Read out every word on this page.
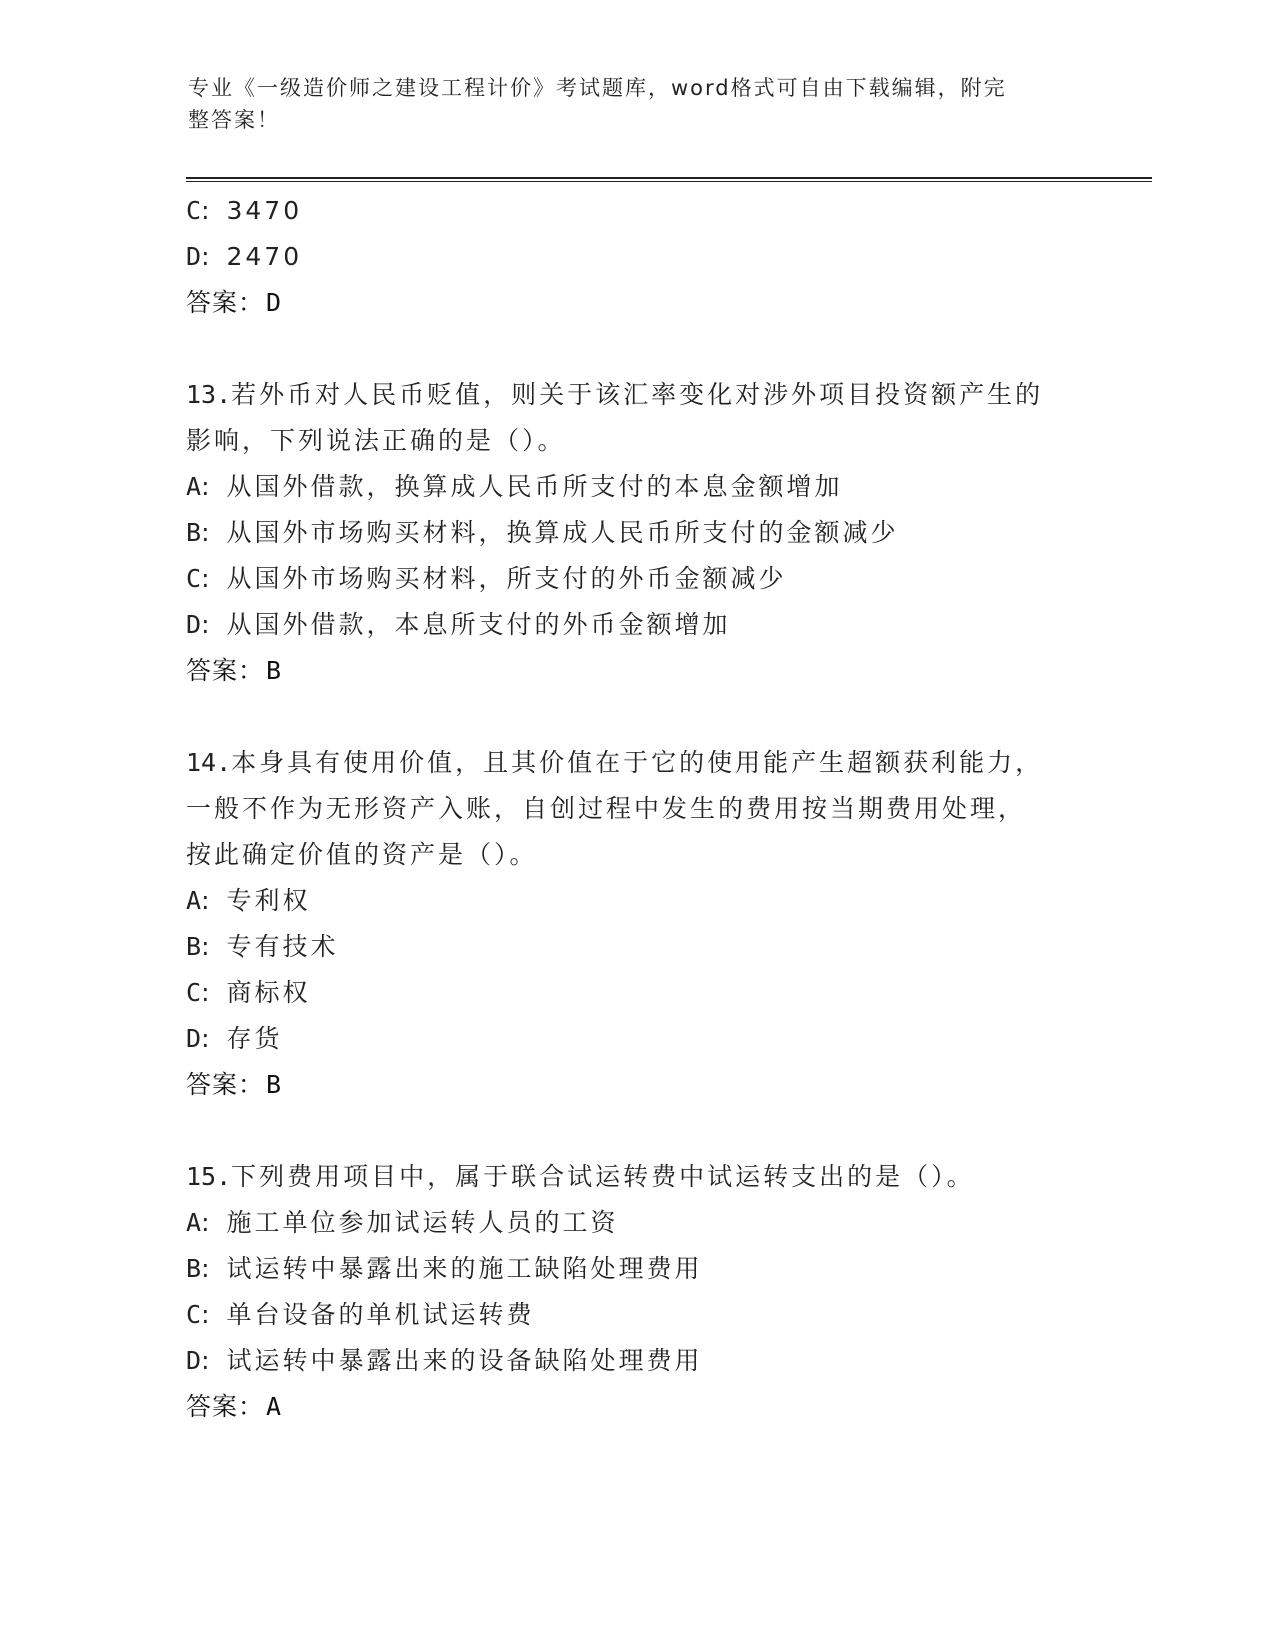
专业《一级造价师之建设工程计价》考试题库，word格式可自由下载编辑，附完
整答案！
C: 3470
D: 2470
答案：D
13.若外币对人民币贬值，则关于该汇率变化对涉外项目投资额产生的
影响，下列说法正确的是（）。
A: 从国外借款，换算成人民币所支付的本息金额增加
B: 从国外市场购买材料，换算成人民币所支付的金额减少
C: 从国外市场购买材料，所支付的外币金额减少
D: 从国外借款，本息所支付的外币金额增加
答案：B
14.本身具有使用价值，且其价值在于它的使用能产生超额获利能力，
一般不作为无形资产入账，自创过程中发生的费用按当期费用处理，
按此确定价值的资产是（）。
A: 专利权
B: 专有技术
C: 商标权
D: 存货
答案：B
15.下列费用项目中，属于联合试运转费中试运转支出的是（）。
A: 施工单位参加试运转人员的工资
B: 试运转中暴露出来的施工缺陷处理费用
C: 单台设备的单机试运转费
D: 试运转中暴露出来的设备缺陷处理费用
答案：A
